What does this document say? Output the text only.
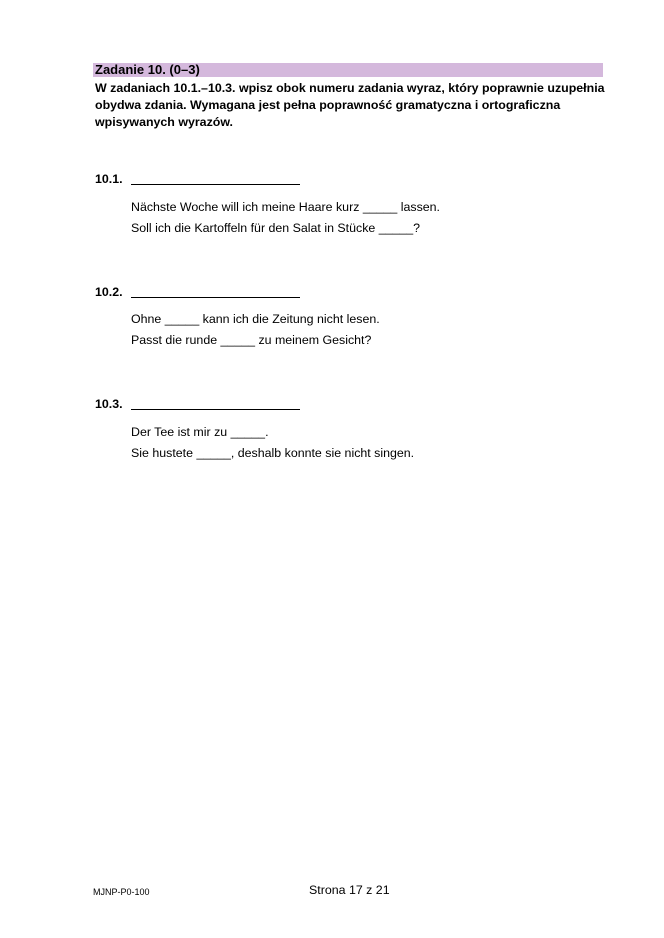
Zadanie 10. (0–3)
W zadaniach 10.1.–10.3. wpisz obok numeru zadania wyraz, który poprawnie uzupełnia obydwa zdania. Wymagana jest pełna poprawność gramatyczna i ortograficzna wpisywanych wyrazów.
10.1.
Nächste Woche will ich meine Haare kurz _____ lassen.
Soll ich die Kartoffeln für den Salat in Stücke _____?
10.2.
Ohne _____ kann ich die Zeitung nicht lesen.
Passt die runde _____ zu meinem Gesicht?
10.3.
Der Tee ist mir zu _____.
Sie hustete _____, deshalb konnte sie nicht singen.
MJNP-P0-100	Strona 17 z 21
